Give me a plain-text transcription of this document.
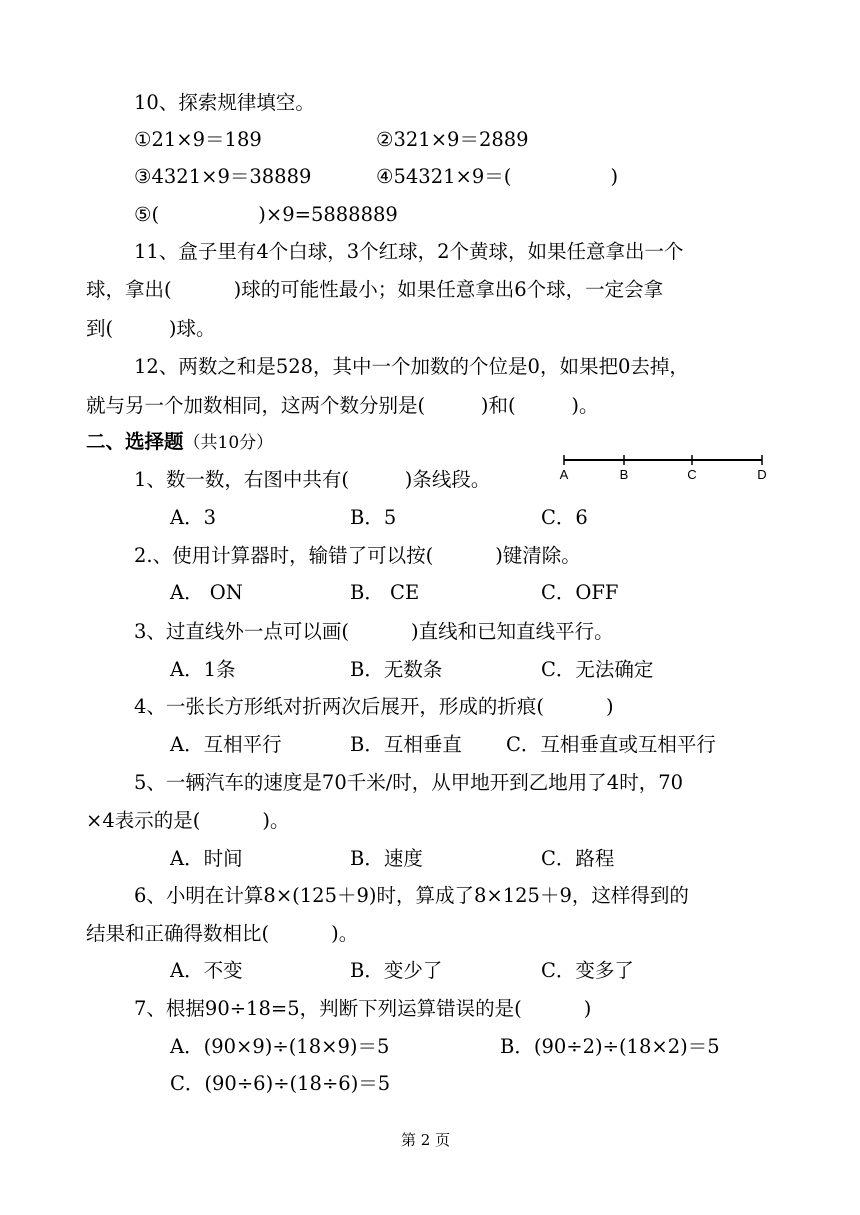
10、探索规律填空。
①21×9＝189	②321×9＝2889
③4321×9＝38889	④54321×9＝(                )
⑤(                )×9=5888889
11、盒子里有4个白球，3个红球，2个黄球，如果任意拿出一个
球，拿出(          )球的可能性最小；如果任意拿出6个球，一定会拿
到(         )球。
12、两数之和是528，其中一个加数的个位是0，如果把0去掉，
就与另一个加数相同，这两个数分别是(         )和(         )。
二、选择题（共10分）
1、数一数，右图中共有(         )条线段。	A	B	C	D
A．3	B．5	C．6
2.、使用计算器时，输错了可以按(          )键清除。
A． ON	B． CE	C．OFF
3、过直线外一点可以画(          )直线和已知直线平行。
A．1条	B．无数条	C．无法确定
4、一张长方形纸对折两次后展开，形成的折痕(          )
A．互相平行	B．互相垂直 C．互相垂直或互相平行
5、一辆汽车的速度是70千米/时，从甲地开到乙地用了4时，70
×4表示的是(          )。
A．时间	B．速度	C．路程
6、小明在计算8×(125＋9)时，算成了8×125＋9，这样得到的
结果和正确得数相比(          )。
A．不变	B．变少了	C．变多了
7、根据90÷18=5，判断下列运算错误的是(          )
A．(90×9)÷(18×9)＝5	B．(90÷2)÷(18×2)＝5
C．(90÷6)÷(18÷6)＝5
第 2 页
